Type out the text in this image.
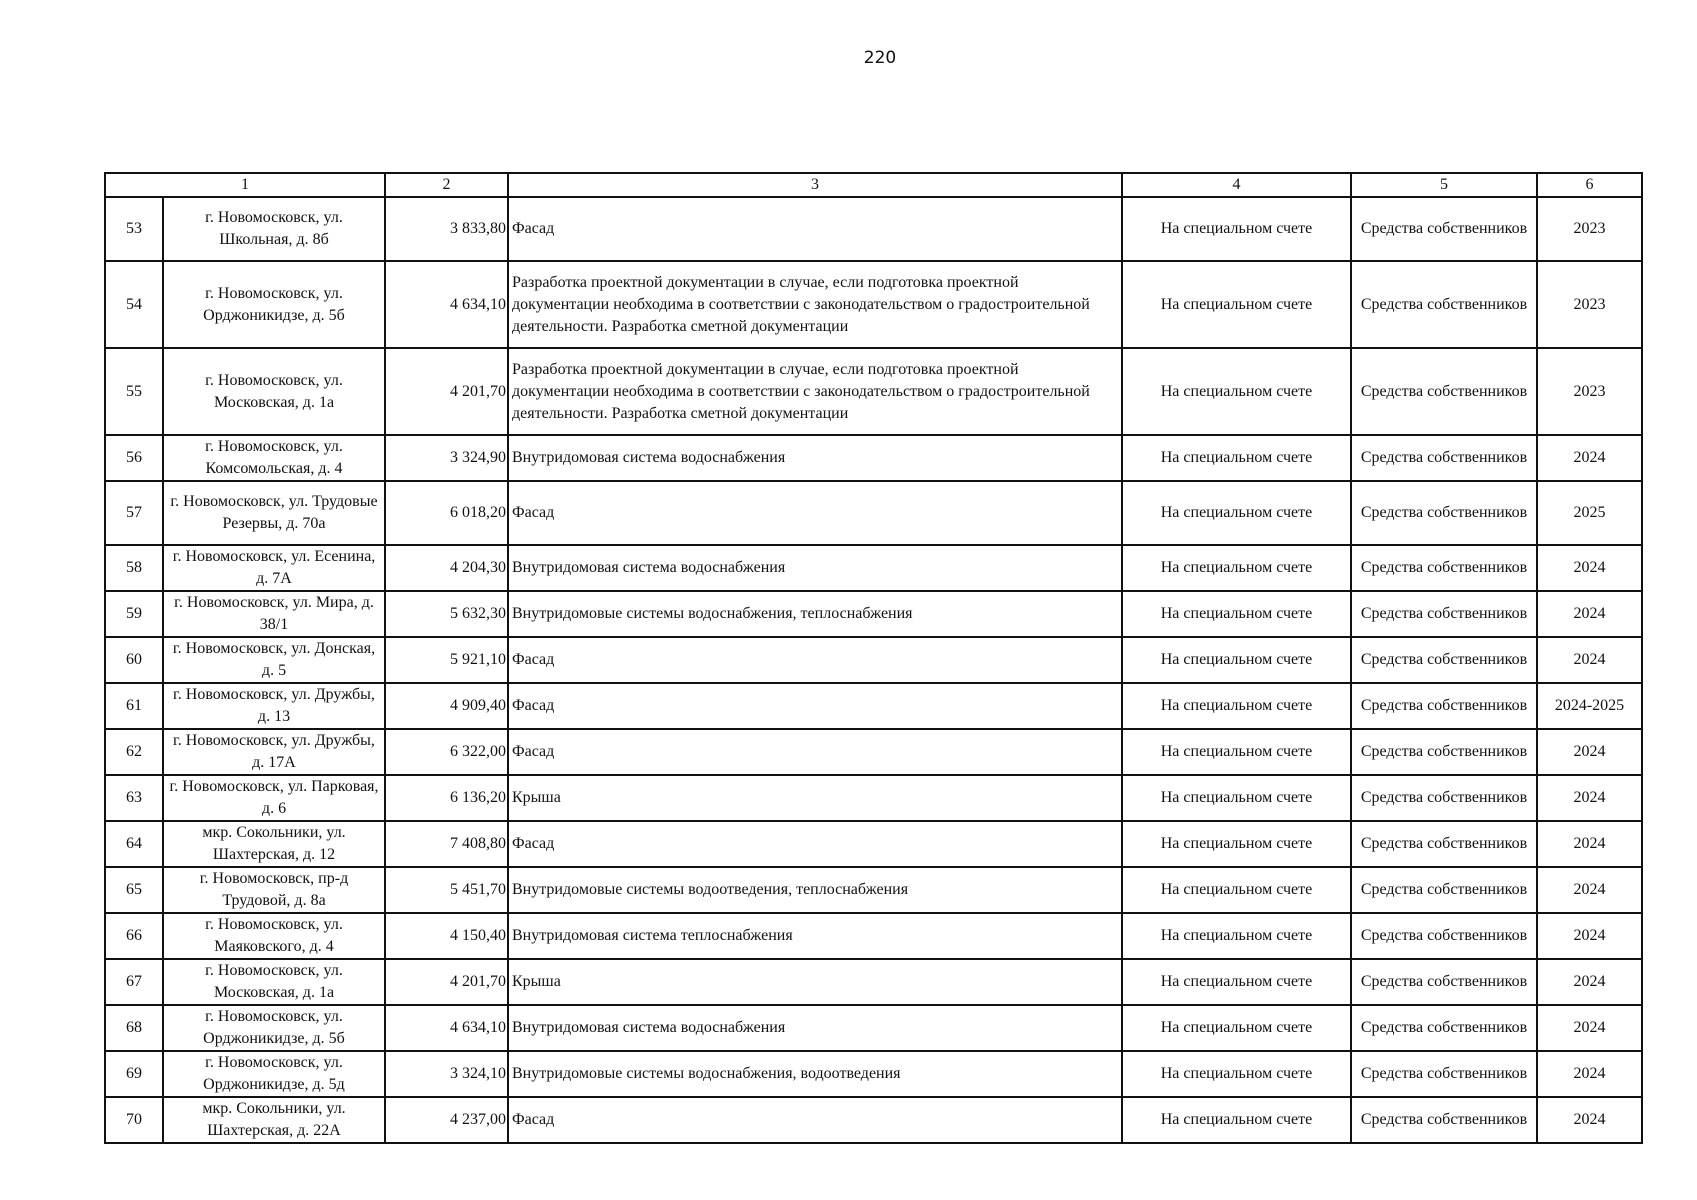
220
1		2	3	4	5	6
53	г. Новомосковск, ул. Школьная, д. 8б	3 833,80	Фасад	На специальном счете	Средства собственников	2023
54	г. Новомосковск, ул. Орджоникидзе, д. 5б	4 634,10	Разработка проектной документации в случае, если подготовка проектной документации необходима в соответствии с законодательством о градостроительной деятельности. Разработка сметной документации	На специальном счете	Средства собственников	2023
55	г. Новомосковск, ул. Московская, д. 1а	4 201,70	Разработка проектной документации в случае, если подготовка проектной документации необходима в соответствии с законодательством о градостроительной деятельности. Разработка сметной документации	На специальном счете	Средства собственников	2023
56	г. Новомосковск, ул. Комсомольская, д. 4	3 324,90	Внутридомовая система водоснабжения	На специальном счете	Средства собственников	2024
57	г. Новомосковск, ул. Трудовые Резервы, д. 70а	6 018,20	Фасад	На специальном счете	Средства собственников	2025
58	г. Новомосковск, ул. Есенина, д. 7А	4 204,30	Внутридомовая система водоснабжения	На специальном счете	Средства собственников	2024
59	г. Новомосковск, ул. Мира, д. 38/1	5 632,30	Внутридомовые системы водоснабжения, теплоснабжения	На специальном счете	Средства собственников	2024
60	г. Новомосковск, ул. Донская, д. 5	5 921,10	Фасад	На специальном счете	Средства собственников	2024
61	г. Новомосковск, ул. Дружбы, д. 13	4 909,40	Фасад	На специальном счете	Средства собственников	2024-2025
62	г. Новомосковск, ул. Дружбы, д. 17А	6 322,00	Фасад	На специальном счете	Средства собственников	2024
63	г. Новомосковск, ул. Парковая, д. 6	6 136,20	Крыша	На специальном счете	Средства собственников	2024
64	мкр. Сокольники, ул. Шахтерская, д. 12	7 408,80	Фасад	На специальном счете	Средства собственников	2024
65	г. Новомосковск, пр-д Трудовой, д. 8а	5 451,70	Внутридомовые системы водоотведения, теплоснабжения	На специальном счете	Средства собственников	2024
66	г. Новомосковск, ул. Маяковского, д. 4	4 150,40	Внутридомовая система теплоснабжения	На специальном счете	Средства собственников	2024
67	г. Новомосковск, ул. Московская, д. 1а	4 201,70	Крыша	На специальном счете	Средства собственников	2024
68	г. Новомосковск, ул. Орджоникидзе, д. 5б	4 634,10	Внутридомовая система водоснабжения	На специальном счете	Средства собственников	2024
69	г. Новомосковск, ул. Орджоникидзе, д. 5д	3 324,10	Внутридомовые системы водоснабжения, водоотведения	На специальном счете	Средства собственников	2024
70	мкр. Сокольники, ул. Шахтерская, д. 22А	4 237,00	Фасад	На специальном счете	Средства собственников	2024
